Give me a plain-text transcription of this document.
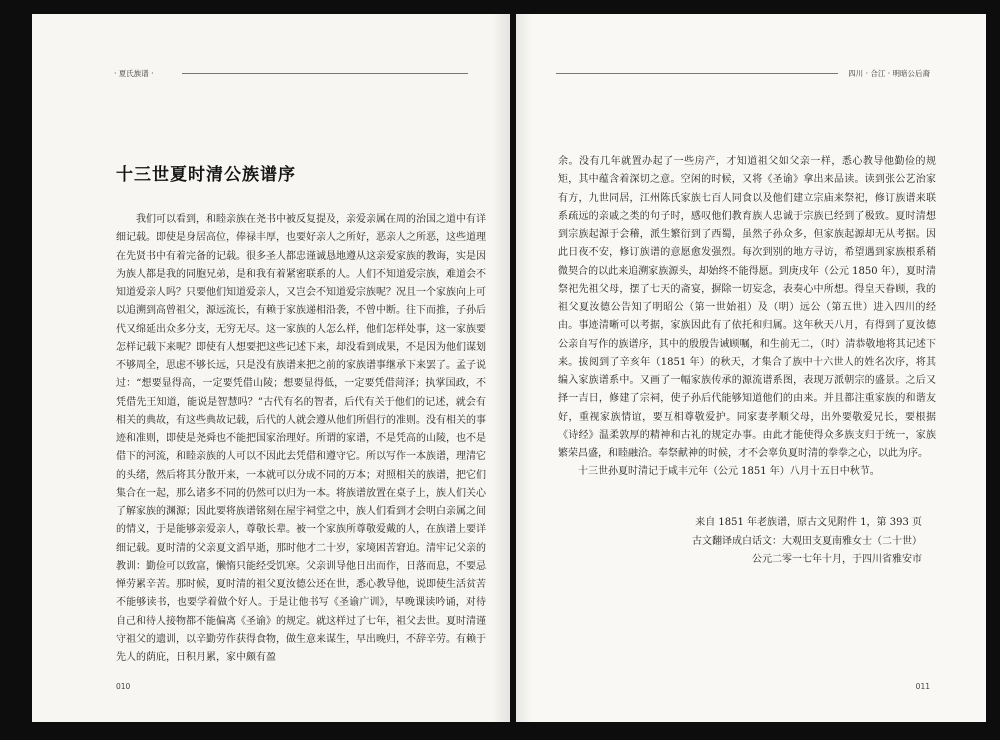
· 夏氏族谱 ·
十三世夏时清公族谱序

我们可以看到，和睦亲族在尧书中被反复提及，亲爱亲属在周的治国之道中有详细记载。即使是身居高位，俸禄丰厚，也要好亲人之所好，恶亲人之所恶，这些道理在先贤书中有着完备的记载。很多圣人都忠谨诚恳地遵从这亲爱家族的教诲，实是因为族人都是我的同胞兄弟，是和我有着紧密联系的人。人们不知道爱宗族，难道会不知道爱亲人吗？只要他们知道爱亲人，又岂会不知道爱宗族呢？况且一个家族向上可以追溯到高曾祖父，源远流长，有赖于家族递相沿袭，不曾中断。往下而推，子孙后代又绵延出众多分支，无穷无尽。这一家族的人怎么样，他们怎样处事，这一家族要怎样记载下来呢？即使有人想要把这些记述下来，却没看到成果，不是因为他们谋划不够周全，思虑不够长远，只是没有族谱来把之前的家族谱事继承下来罢了。孟子说过：“想要显得高，一定要凭借山陵；想要显得低，一定要凭借菏泽；执掌国政，不凭借先王知道，能说是智慧吗？”古代有名的智者，后代有关于他们的记述，就会有相关的典故，有这些典故记载，后代的人就会遵从他们所倡行的准则。没有相关的事迹和准则，即使是尧舜也不能把国家治理好。所谓的家谱，不是凭高的山陵，也不是借下的河流，和睦亲族的人可以不因此去凭借和遵守它。所以写作一本族谱，理清它的头绪，然后将其分散开来，一本就可以分成不同的万本；对照相关的族谱，把它们集合在一起，那么诸多不同的仍然可以归为一本。将族谱放置在桌子上，族人们关心了解家族的渊源；因此要将族谱铭刻在屋宇祠堂之中，族人们看到才会明白亲属之间的情义，于是能够亲爱亲人，尊敬长辈。被一个家族所尊敬爱戴的人，在族谱上要详细记载。夏时清的父亲夏文滔早逝，那时他才二十岁，家境困苦窘迫。清牢记父亲的教训：勤俭可以致富，懒惰只能经受饥寒。父亲训导他日出而作，日落而息，不要忌惮劳累辛苦。那时候，夏时清的祖父夏汝德公还在世，悉心教导他，说即使生活贫苦不能够读书，也要学着做个好人。于是让他书写《圣谕广训》，早晚课读吟诵，对待自己和待人接物都不能偏离《圣谕》的规定。就这样过了七年，祖父去世。夏时清谨守祖父的遗训，以辛勤劳作获得食物，做生意来谋生，早出晚归，不辞辛劳。有赖于先人的荫庇，日积月累，家中颇有盈

010
四川 · 合江 · 明暗公后裔

余。没有几年就置办起了一些房产，才知道祖父如父亲一样，悉心教导他勤俭的规矩，其中蕴含着深切之意。空闲的时候，又将《圣谕》拿出来品读。读到张公艺治家有方，九世同居，江州陈氏家族七百人同食以及他们建立宗庙来祭祀，修订族谱来联系疏远的亲戚之类的句子时，感叹他们教育族人忠诚于宗族已经到了极致。夏时清想到宗族起源于会稽，派生繁衍到了西蜀，虽然子孙众多，但家族起源却无从考据。因此日夜不安，修订族谱的意愿愈发强烈。每次到别的地方寻访，希望遇到家族根系稍微契合的以此来追溯家族源头，却始终不能得愿。到庚戌年（公元 1850 年），夏时清祭祀先祖父母，摆了七天的斋宴，摒除一切妄念，表奏心中所想。得皇天眷顾，我的祖父夏汝德公告知了明昭公（第一世始祖）及（明）远公（第五世）进入四川的经由。事迹清晰可以考据，家族因此有了依托和归属。这年秋天八月，有得到了夏汝德公亲自写作的族谱序，其中的殷殷告诫顾嘱，和生前无二，（时）清恭敬地将其记述下来。拔阅到了辛亥年（1851 年）的秋天，才集合了族中十六世人的姓名次序，将其编入家族谱系中。又画了一幅家族传承的源流谱系图，表现万派朝宗的盛景。之后又择一吉日，修建了宗祠，使子孙后代能够知道他们的由来。并且都注重家族的和谐友好，重视家族情谊，要互相尊敬爱护。同家妻孝顺父母，出外要敬爱兄长，要根据《诗经》温柔敦厚的精神和古礼的规定办事。由此才能使得众多族支归于统一，家族繁荣昌盛，和睦融洽。奉祭献神的时候，才不会辜负夏时清的拳拳之心，以此为序。

十三世孙夏时清记于咸丰元年（公元 1851 年）八月十五日中秋节。

来自 1851 年老族谱，原古文见附件 1，第 393 页
古文翻译成白话文：大观田支夏南雅女士（二十世）
公元二零一七年十月，于四川省雅安市
011
